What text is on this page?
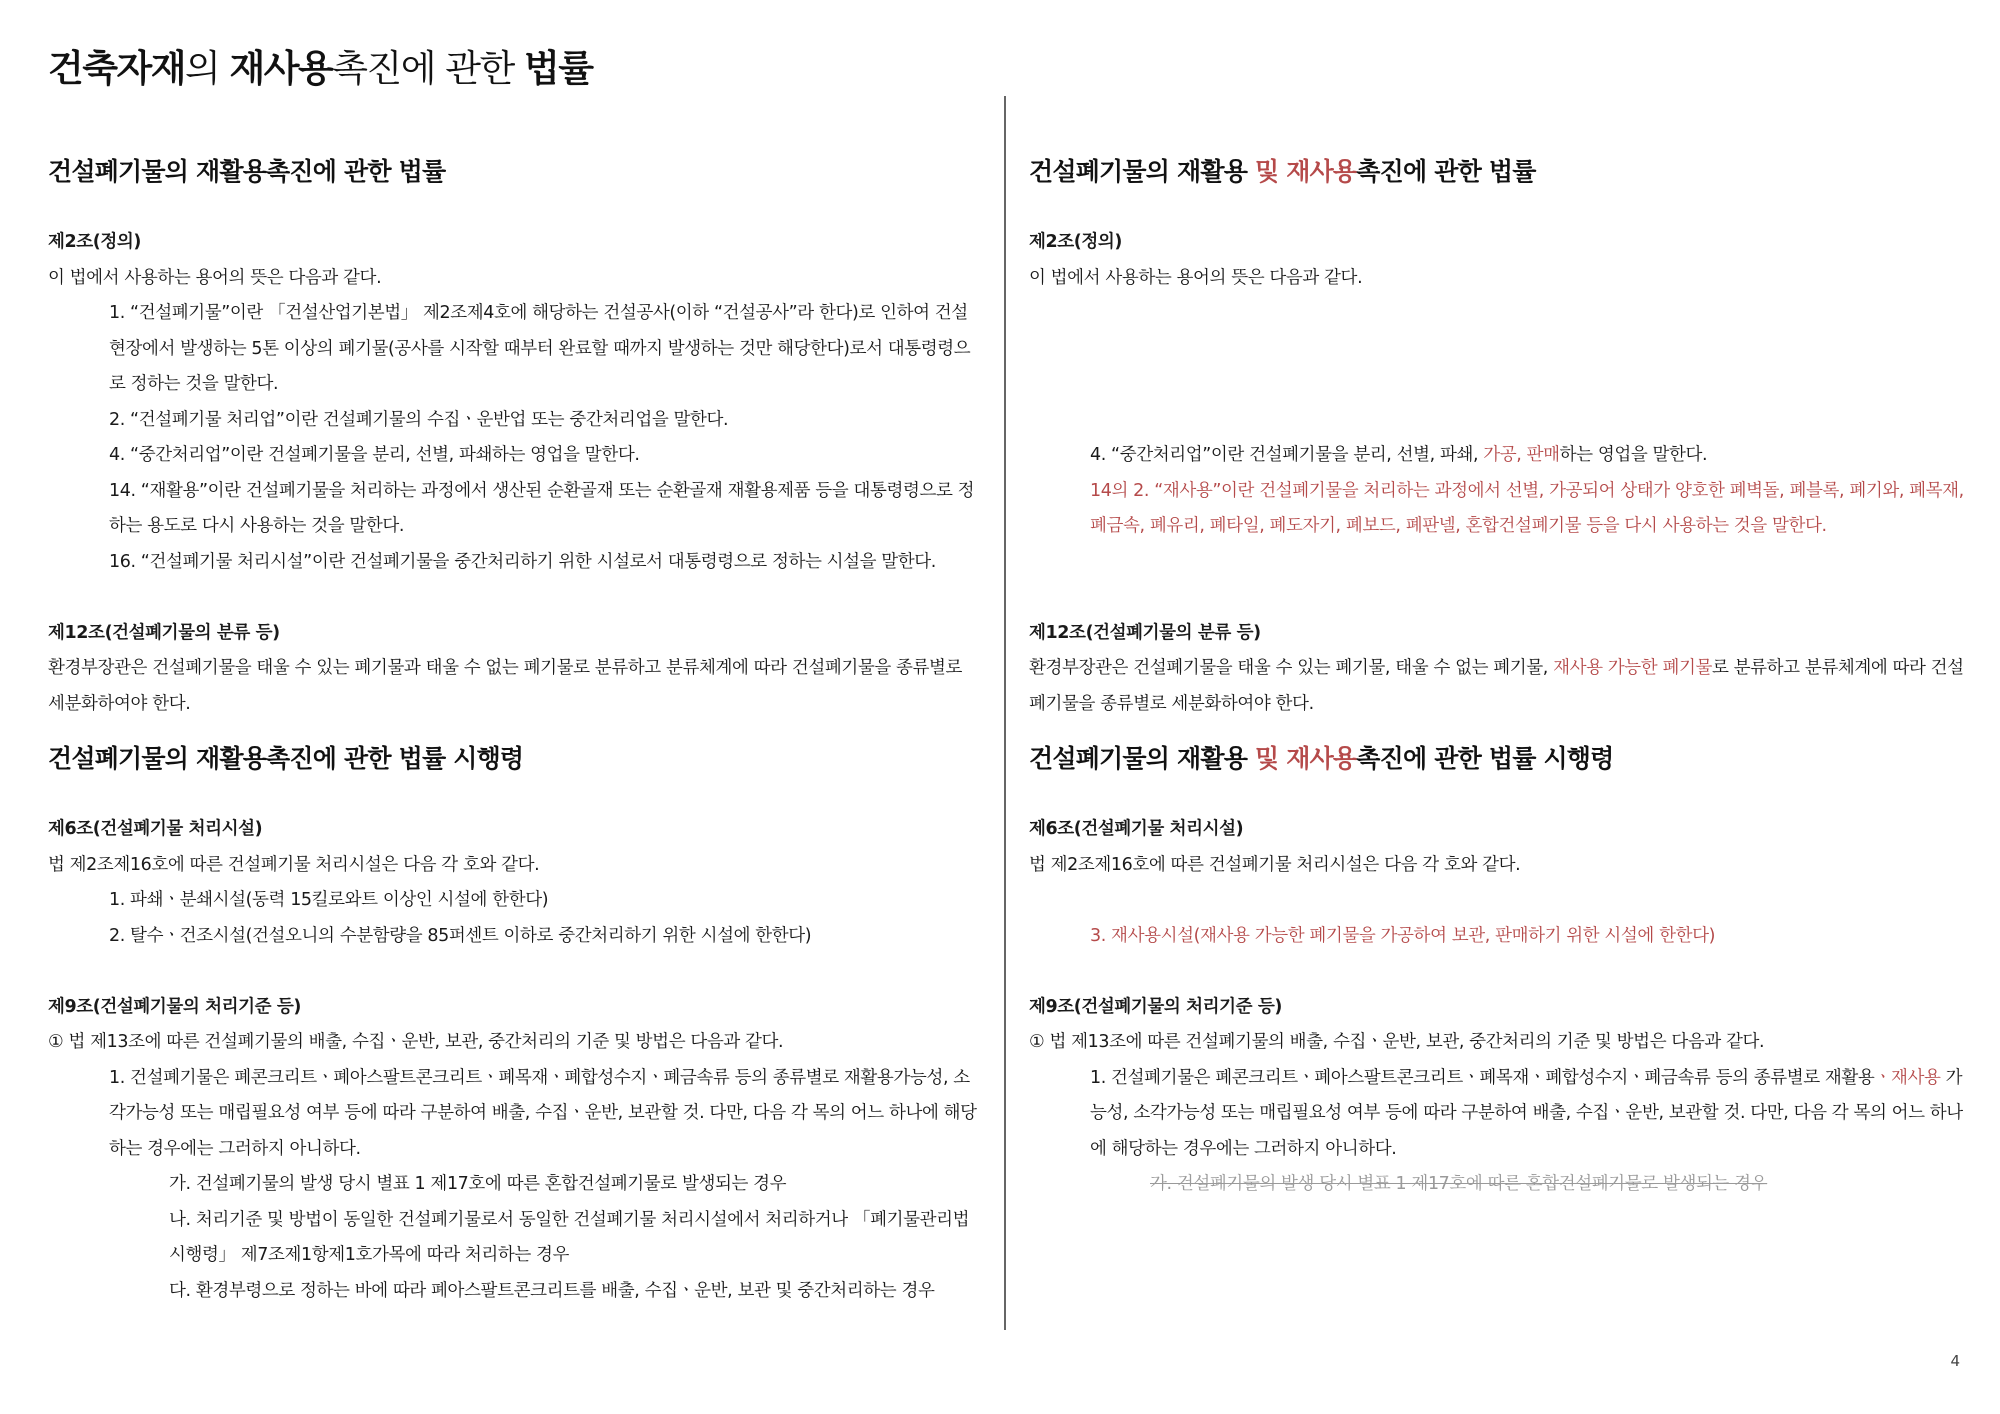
건축자재의 재사용촉진에 관한 법률
건설폐기물의 재활용촉진에 관한 법률
제2조(정의)
이 법에서 사용하는 용어의 뜻은 다음과 같다.
1. “건설폐기물”이란 「건설산업기본법」 제2조제4호에 해당하는 건설공사(이하 “건설공사”라 한다)로 인하여 건설현장에서 발생하는 5톤 이상의 폐기물(공사를 시작할 때부터 완료할 때까지 발생하는 것만 해당한다)로서 대통령령으로 정하는 것을 말한다.
2. “건설폐기물 처리업”이란 건설폐기물의 수집ㆍ운반업 또는 중간처리업을 말한다.
4. “중간처리업”이란 건설폐기물을 분리, 선별, 파쇄하는 영업을 말한다.
14. “재활용”이란 건설폐기물을 처리하는 과정에서 생산된 순환골재 또는 순환골재 재활용제품 등을 대통령령으로 정하는 용도로 다시 사용하는 것을 말한다.
16. “건설폐기물 처리시설”이란 건설폐기물을 중간처리하기 위한 시설로서 대통령령으로 정하는 시설을 말한다.
제12조(건설폐기물의 분류 등)
환경부장관은 건설폐기물을 태울 수 있는 폐기물과 태울 수 없는 폐기물로 분류하고 분류체계에 따라 건설폐기물을 종류별로 세분화하여야 한다.
건설폐기물의 재활용촉진에 관한 법률 시행령
제6조(건설폐기물 처리시설)
법 제2조제16호에 따른 건설폐기물 처리시설은 다음 각 호와 같다.
1. 파쇄ㆍ분쇄시설(동력 15킬로와트 이상인 시설에 한한다)
2. 탈수ㆍ건조시설(건설오니의 수분함량을 85퍼센트 이하로 중간처리하기 위한 시설에 한한다)
제9조(건설폐기물의 처리기준 등)
① 법 제13조에 따른 건설폐기물의 배출, 수집ㆍ운반, 보관, 중간처리의 기준 및 방법은 다음과 같다.
1. 건설폐기물은 폐콘크리트ㆍ폐아스팔트콘크리트ㆍ폐목재ㆍ폐합성수지ㆍ폐금속류 등의 종류별로 재활용가능성, 소각가능성 또는 매립필요성 여부 등에 따라 구분하여 배출, 수집ㆍ운반, 보관할 것. 다만, 다음 각 목의 어느 하나에 해당하는 경우에는 그러하지 아니하다.
가. 건설폐기물의 발생 당시 별표 1 제17호에 따른 혼합건설폐기물로 발생되는 경우
나. 처리기준 및 방법이 동일한 건설폐기물로서 동일한 건설폐기물 처리시설에서 처리하거나 「폐기물관리법 시행령」 제7조제1항제1호가목에 따라 처리하는 경우
다. 환경부령으로 정하는 바에 따라 폐아스팔트콘크리트를 배출, 수집ㆍ운반, 보관 및 중간처리하는 경우
건설폐기물의 재활용 및 재사용촉진에 관한 법률
제2조(정의)
이 법에서 사용하는 용어의 뜻은 다음과 같다.
4. “중간처리업”이란 건설폐기물을 분리, 선별, 파쇄, 가공, 판매하는 영업을 말한다.
14의 2. “재사용”이란 건설폐기물을 처리하는 과정에서 선별, 가공되어 상태가 양호한 폐벽돌, 폐블록, 폐기와, 폐목재, 폐금속, 폐유리, 폐타일, 폐도자기, 폐보드, 폐판넬, 혼합건설폐기물 등을 다시 사용하는 것을 말한다.
제12조(건설폐기물의 분류 등)
환경부장관은 건설폐기물을 태울 수 있는 폐기물, 태울 수 없는 폐기물, 재사용 가능한 폐기물로 분류하고 분류체계에 따라 건설폐기물을 종류별로 세분화하여야 한다.
건설폐기물의 재활용 및 재사용촉진에 관한 법률 시행령
제6조(건설폐기물 처리시설)
법 제2조제16호에 따른 건설폐기물 처리시설은 다음 각 호와 같다.
3. 재사용시설(재사용 가능한 폐기물을 가공하여 보관, 판매하기 위한 시설에 한한다)
제9조(건설폐기물의 처리기준 등)
① 법 제13조에 따른 건설폐기물의 배출, 수집ㆍ운반, 보관, 중간처리의 기준 및 방법은 다음과 같다.
1. 건설폐기물은 폐콘크리트ㆍ폐아스팔트콘크리트ㆍ폐목재ㆍ폐합성수지ㆍ폐금속류 등의 종류별로 재활용ㆍ재사용 가능성, 소각가능성 또는 매립필요성 여부 등에 따라 구분하여 배출, 수집ㆍ운반, 보관할 것. 다만, 다음 각 목의 어느 하나에 해당하는 경우에는 그러하지 아니하다.
가. 건설폐기물의 발생 당시 별표 1 제17호에 따른 혼합건설폐기물로 발생되는 경우
4
